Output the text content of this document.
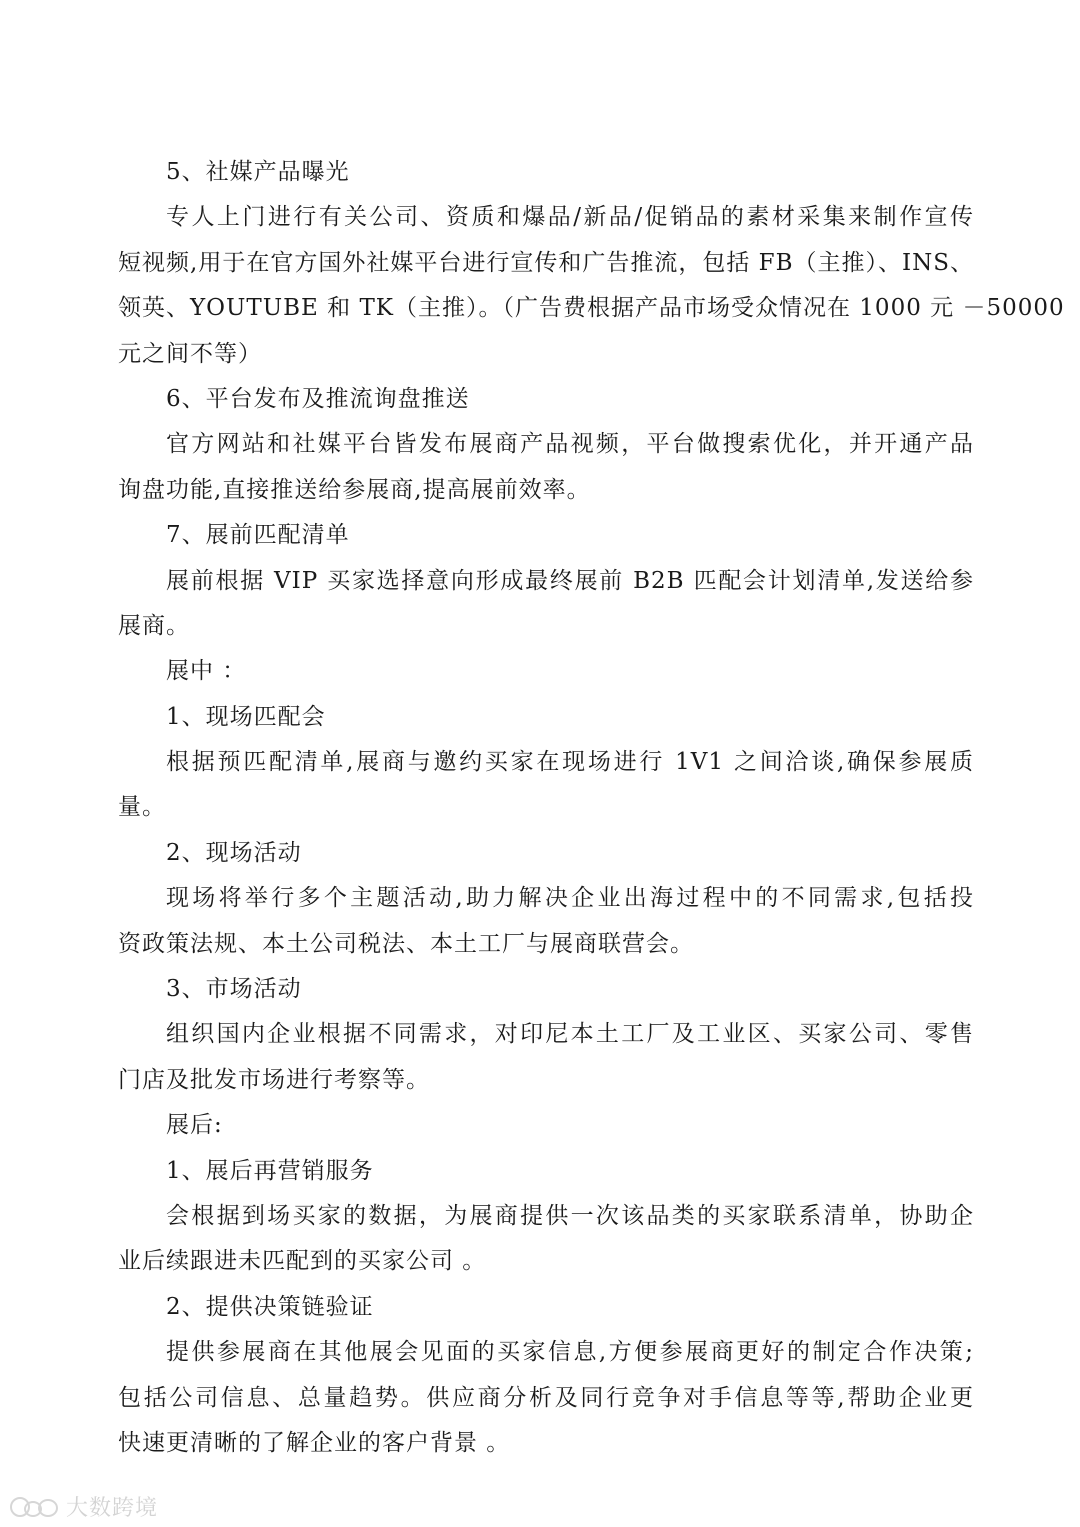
5、社媒产品曝光
专人上门进行有关公司、资质和爆品/新品/促销品的素材采集来制作宣传
短视频,用于在官方国外社媒平台进行宣传和广告推流，包括 FB（主推）、INS、
领英、YOUTUBE 和 TK（主推）。（广告费根据产品市场受众情况在 1000 元 －50000
元之间不等）
6、平台发布及推流询盘推送
官方网站和社媒平台皆发布展商产品视频，平台做搜索优化，并开通产品
询盘功能,直接推送给参展商,提高展前效率。
7、展前匹配清单
展前根据 VIP 买家选择意向形成最终展前 B2B 匹配会计划清单,发送给参
展商。
展中 ：
1、现场匹配会
根据预匹配清单,展商与邀约买家在现场进行 1V1 之间洽谈,确保参展质
量。
2、现场活动
现场将举行多个主题活动,助力解决企业出海过程中的不同需求,包括投
资政策法规、本土公司税法、本土工厂与展商联营会。
3、市场活动
组织国内企业根据不同需求，对印尼本土工厂及工业区、买家公司、零售
门店及批发市场进行考察等。
展后:
1、展后再营销服务
会根据到场买家的数据，为展商提供一次该品类的买家联系清单，协助企
业后续跟进未匹配到的买家公司 。
2、提供决策链验证
提供参展商在其他展会见面的买家信息,方便参展商更好的制定合作决策;
包括公司信息、总量趋势。供应商分析及同行竞争对手信息等等,帮助企业更
快速更清晰的了解企业的客户背景 。
大数跨境
